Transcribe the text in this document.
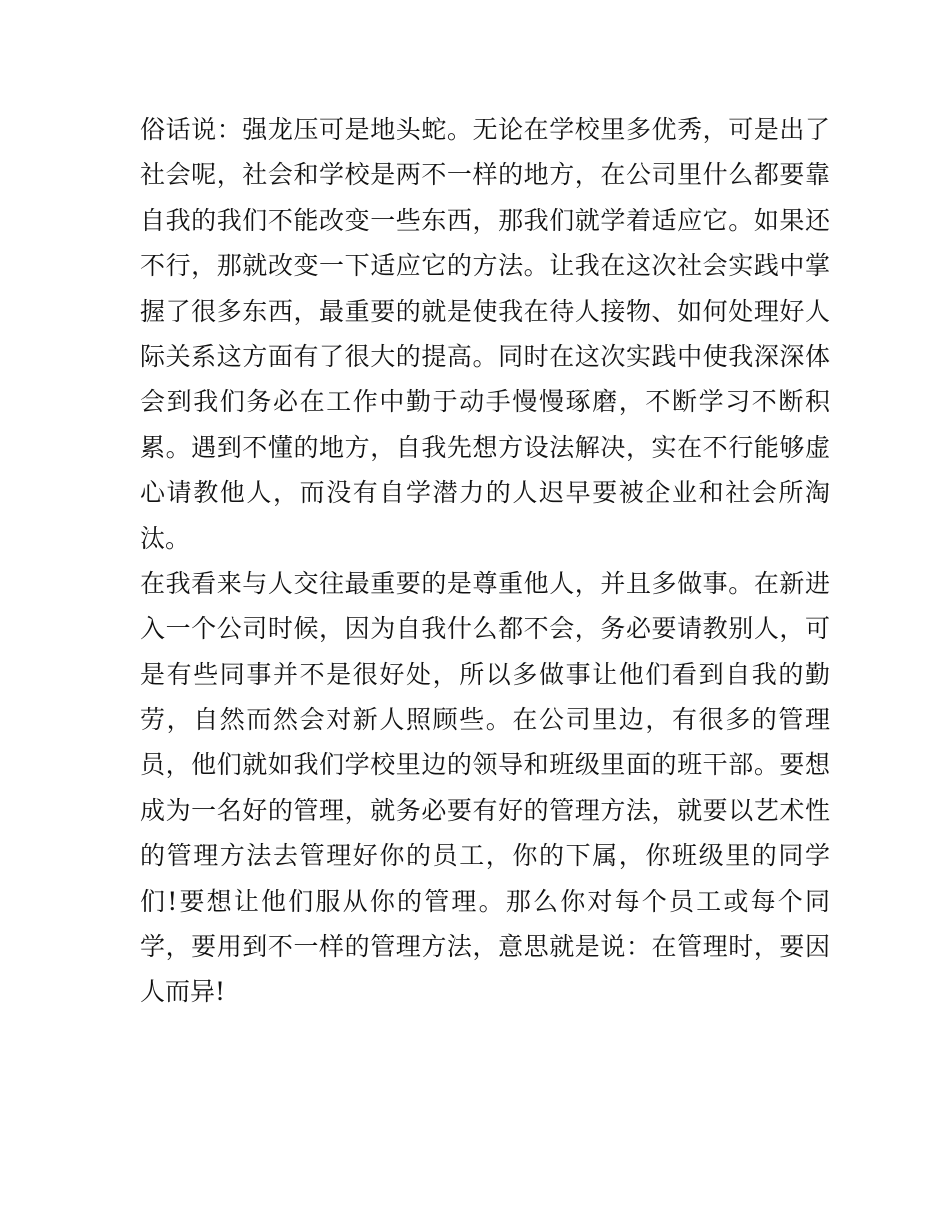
俗话说：强龙压可是地头蛇。无论在学校里多优秀，可是出了
社会呢，社会和学校是两不一样的地方，在公司里什么都要靠
自我的我们不能改变一些东西，那我们就学着适应它。如果还
不行，那就改变一下适应它的方法。让我在这次社会实践中掌
握了很多东西，最重要的就是使我在待人接物、如何处理好人
际关系这方面有了很大的提高。同时在这次实践中使我深深体
会到我们务必在工作中勤于动手慢慢琢磨，不断学习不断积
累。遇到不懂的地方，自我先想方设法解决，实在不行能够虚
心请教他人，而没有自学潜力的人迟早要被企业和社会所淘
汰。
在我看来与人交往最重要的是尊重他人，并且多做事。在新进
入一个公司时候，因为自我什么都不会，务必要请教别人，可
是有些同事并不是很好处，所以多做事让他们看到自我的勤
劳，自然而然会对新人照顾些。在公司里边，有很多的管理
员，他们就如我们学校里边的领导和班级里面的班干部。要想
成为一名好的管理，就务必要有好的管理方法，就要以艺术性
的管理方法去管理好你的员工，你的下属，你班级里的同学
们!要想让他们服从你的管理。那么你对每个员工或每个同
学，要用到不一样的管理方法，意思就是说：在管理时，要因
人而异!
